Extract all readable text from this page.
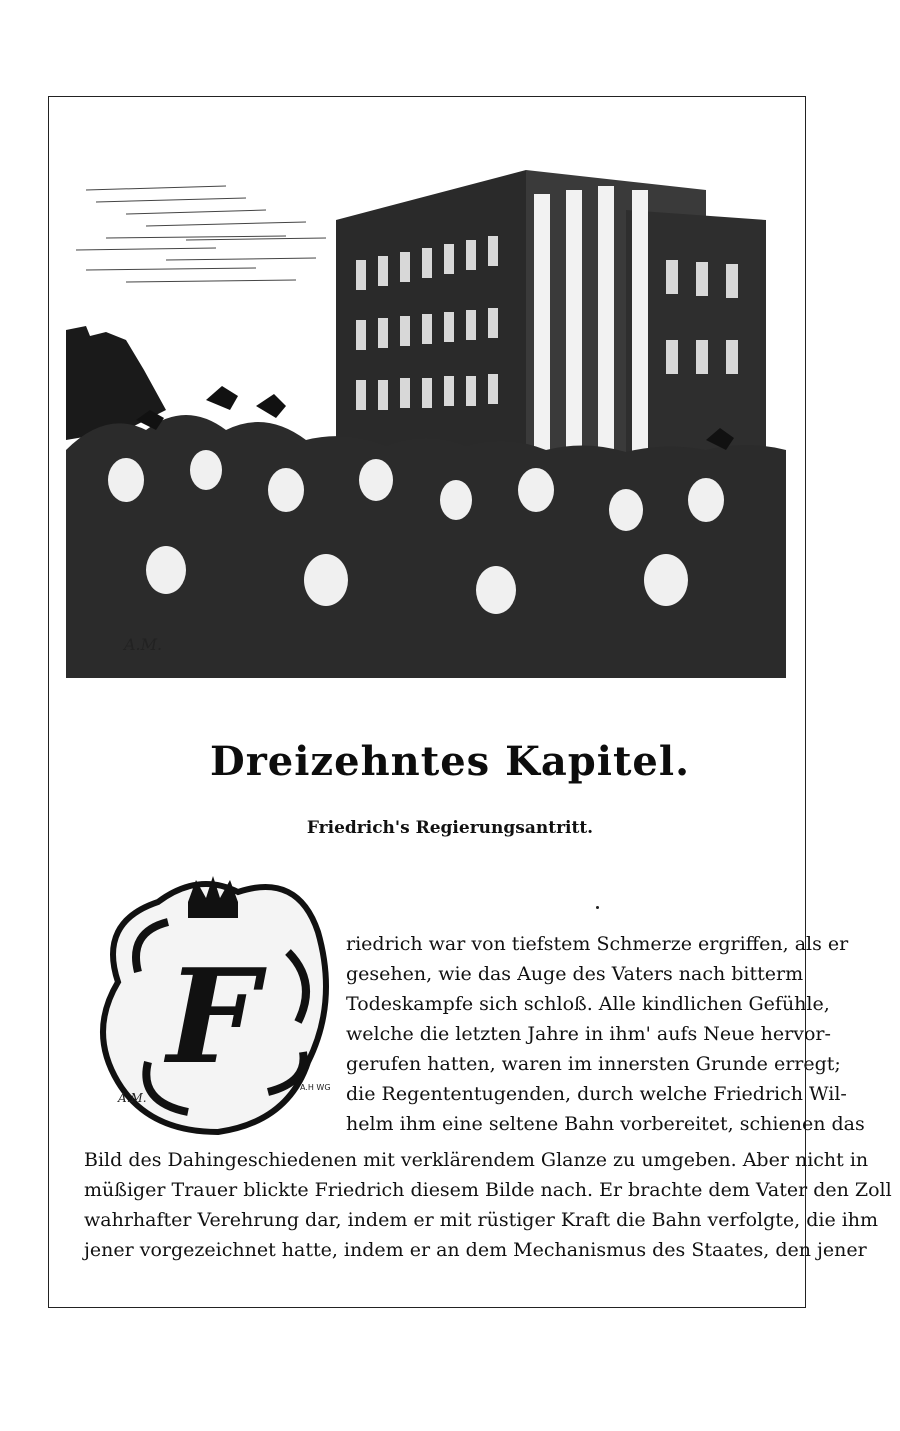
A.M.
Dreizehntes Kapitel.
Friedrich's Regierungsantritt.
F
A.M.
A.H WG
riedrich war von tiefstem Schmerze ergriffen, als er
gesehen, wie das Auge des Vaters nach bitterm
Todeskampfe sich schloß. Alle kindlichen Gefühle,
welche die letzten Jahre in ihm' aufs Neue hervor-
gerufen hatten, waren im innersten Grunde erregt;
die Regententugenden, durch welche Friedrich Wil-
helm ihm eine seltene Bahn vorbereitet, schienen das
Bild des Dahingeschiedenen mit verklärendem Glanze zu umgeben. Aber nicht in
müßiger Trauer blickte Friedrich diesem Bilde nach. Er brachte dem Vater den Zoll
wahrhafter Verehrung dar, indem er mit rüstiger Kraft die Bahn verfolgte, die ihm
jener vorgezeichnet hatte, indem er an dem Mechanismus des Staates, den jener
